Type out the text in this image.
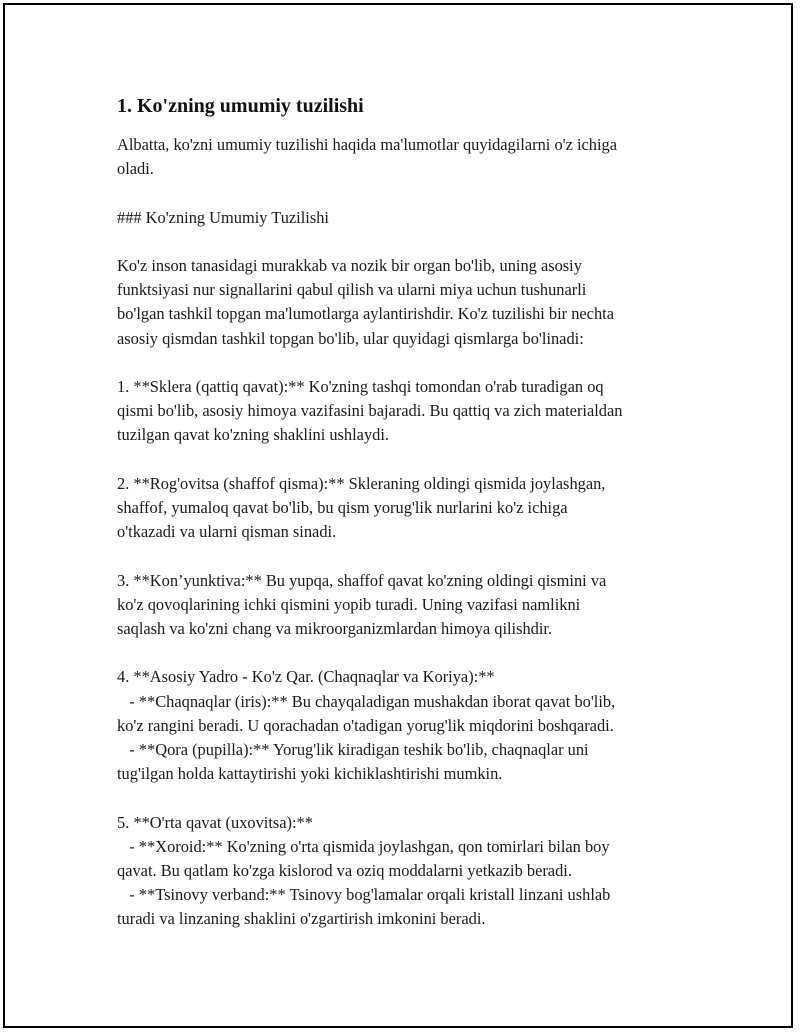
1. Ko'zning umumiy tuzilishi

Albatta, ko'zni umumiy tuzilishi haqida ma'lumotlar quyidagilarni o'z ichiga
oladi.

### Ko'zning Umumiy Tuzilishi

Ko'z inson tanasidagi murakkab va nozik bir organ bo'lib, uning asosiy
funktsiyasi nur signallarini qabul qilish va ularni miya uchun tushunarli
bo'lgan tashkil topgan ma'lumotlarga aylantirishdir. Ko'z tuzilishi bir nechta
asosiy qismdan tashkil topgan bo'lib, ular quyidagi qismlarga bo'linadi:

1. **Sklera (qattiq qavat):** Ko'zning tashqi tomondan o'rab turadigan oq
qismi bo'lib, asosiy himoya vazifasini bajaradi. Bu qattiq va zich materialdan
tuzilgan qavat ko'zning shaklini ushlaydi.

2. **Rog'ovitsa (shaffof qisma):** Skleraning oldingi qismida joylashgan,
shaffof, yumaloq qavat bo'lib, bu qism yorug'lik nurlarini ko'z ichiga
o'tkazadi va ularni qisman sinadi.

3. **Kon’yunktiva:** Bu yupqa, shaffof qavat ko'zning oldingi qismini va
ko'z qovoqlarining ichki qismini yopib turadi. Uning vazifasi namlikni
saqlash va ko'zni chang va mikroorganizmlardan himoya qilishdir.

4. **Asosiy Yadro - Ko'z Qar. (Chaqnaqlar va Koriya):**
- **Chaqnaqlar (iris):** Bu chayqaladigan mushakdan iborat qavat bo'lib,
ko'z rangini beradi. U qorachadan o'tadigan yorug'lik miqdorini boshqaradi.
- **Qora (pupilla):** Yorug'lik kiradigan teshik bo'lib, chaqnaqlar uni
tug'ilgan holda kattaytirishi yoki kichiklashtirishi mumkin.

5. **O'rta qavat (uxovitsa):**
- **Xoroid:** Ko'zning o'rta qismida joylashgan, qon tomirlari bilan boy
qavat. Bu qatlam ko'zga kislorod va oziq moddalarni yetkazib beradi.
- **Tsinovy verband:** Tsinovy bog'lamalar orqali kristall linzani ushlab
turadi va linzaning shaklini o'zgartirish imkonini beradi.
